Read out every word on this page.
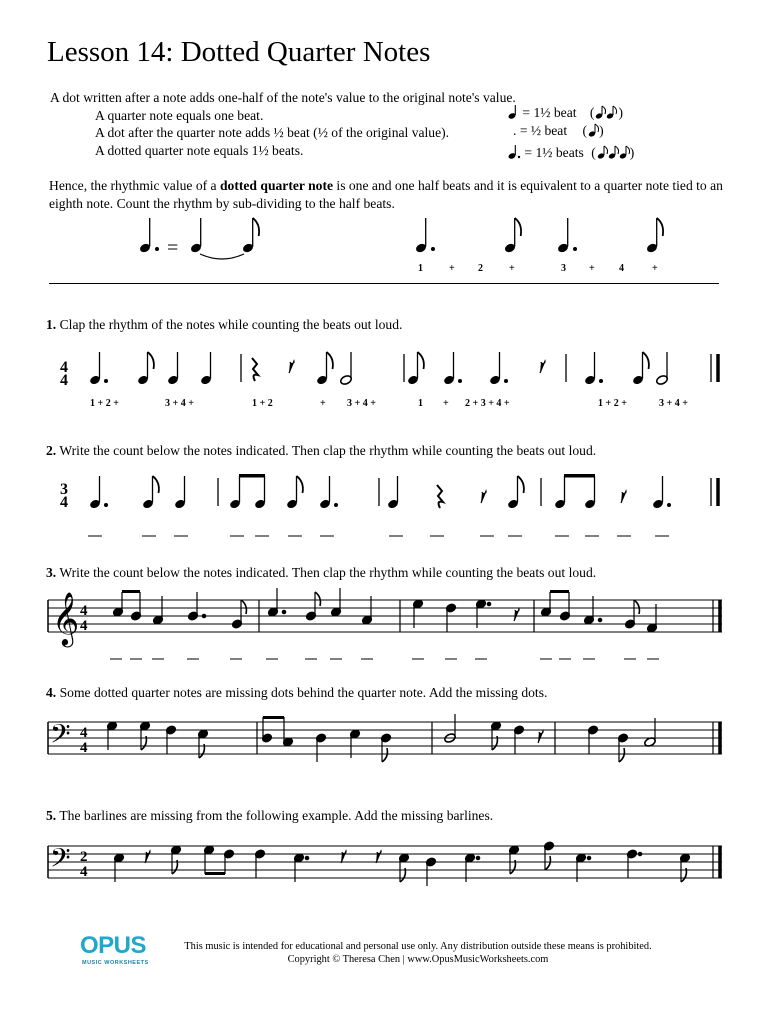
Lesson 14: Dotted Quarter Notes
A dot written after a note adds one-half of the note's value to the original note's value.
A quarter note equals one beat.
A dot after the quarter note adds ½ beat (½ of the original value).
A dotted quarter note equals 1½ beats.
= 1½ beat ( )
. = ½ beat ( )
= 1½ beats (	)
Hence, the rhythmic value of a dotted quarter note is one and one half beats and it is equivalent to a quarter note tied to an eighth note. Count the rhythm by sub-dividing to the half beats.
=
1	+ 2	+	3 + 4	+
1. Clap the rhythm of the notes while counting the beats out loud.
4
4
1 + 2 +	3 + 4 +	1 + 2	+ 3 + 4 +	1 + 2 + 3 + 4 +	1 + 2 +	3 + 4 +
2. Write the count below the notes indicated. Then clap the rhythm while counting the beats out loud.
3
4
3. Write the count below the notes indicated. Then clap the rhythm while counting the beats out loud.
𝄞 4
4
4. Some dotted quarter notes are missing dots behind the quarter note. Add the missing dots.
𝄢 4
4
5. The barlines are missing from the following example. Add the missing barlines.
𝄢 2
4
OPUS
MUSIC WORKSHEETS
This music is intended for educational and personal use only. Any distribution outside these means is prohibited.
Copyright © Theresa Chen | www.OpusMusicWorksheets.com
